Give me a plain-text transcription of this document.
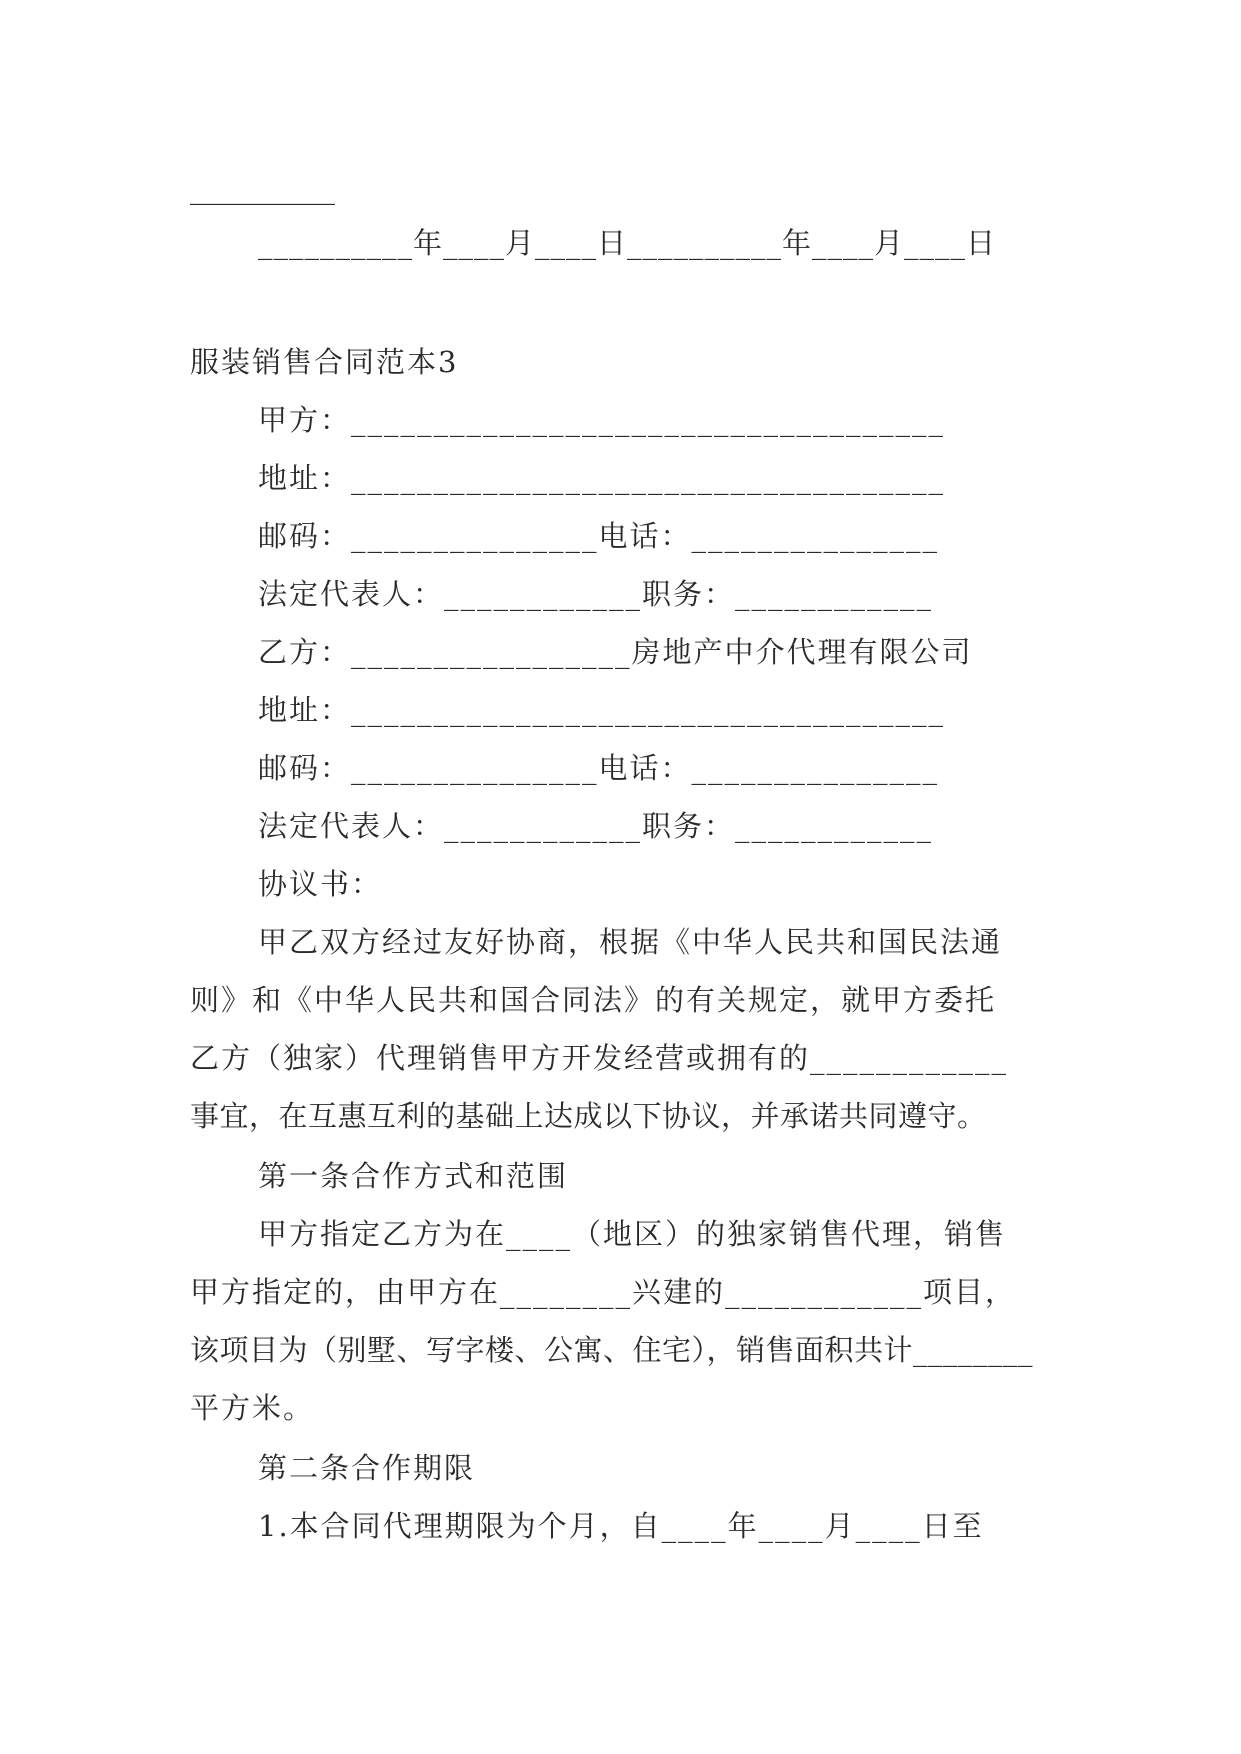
__________
__________年____月____日__________年____月____日
服装销售合同范本3
甲方：____________________________________
地址：____________________________________
邮码：_______________电话：_______________
法定代表人：____________职务：____________
乙方：_________________房地产中介代理有限公司
地址：____________________________________
邮码：_______________电话：_______________
法定代表人：____________职务：____________
协议书：
甲乙双方经过友好协商，根据《中华人民共和国民法通
则》和《中华人民共和国合同法》的有关规定，就甲方委托
乙方（独家）代理销售甲方开发经营或拥有的____________
事宜，在互惠互利的基础上达成以下协议，并承诺共同遵守。
第一条合作方式和范围
甲方指定乙方为在____（地区）的独家销售代理，销售
甲方指定的，由甲方在________兴建的____________项目，
该项目为（别墅、写字楼、公寓、住宅），销售面积共计________
平方米。
第二条合作期限
1.本合同代理期限为个月，自____年____月____日至
